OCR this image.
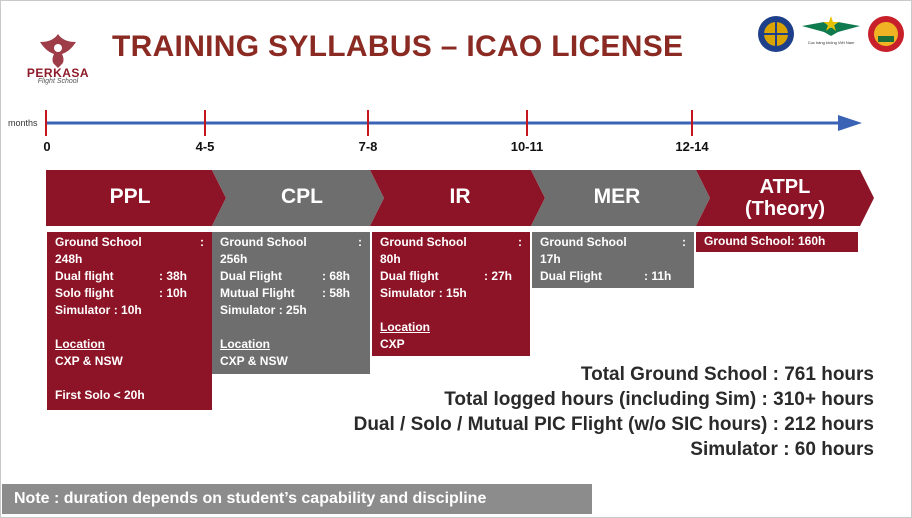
PERKASA
Flight School
TRAINING SYLLABUS – ICAO LICENSE	Cục hàng không Việt Nam
months
0	4-5	7-8	10-11	12-14
PPL	CPL	IR	MER	ATPL
(Theory)
Ground School	:
248h
Dual flight	: 38h
Solo flight	: 10h
Simulator
: 10h
Location
CXP & NSW
First Solo < 20h
Ground School	:
256h
Dual Flight	: 68h
Mutual Flight	: 58h
Simulator
: 25h
Location
CXP & NSW
Ground School	:
80h
Dual flight	: 27h
Simulator
: 15h
Location
CXP
Ground School	:
17h
Dual Flight	: 11h
Ground School: 160h
Total Ground School : 761 hours
Total logged hours (including Sim) : 310+ hours
Dual / Solo / Mutual PIC Flight (w/o SIC hours) : 212 hours
Simulator : 60 hours
Note : duration depends on student’s capability and discipline
